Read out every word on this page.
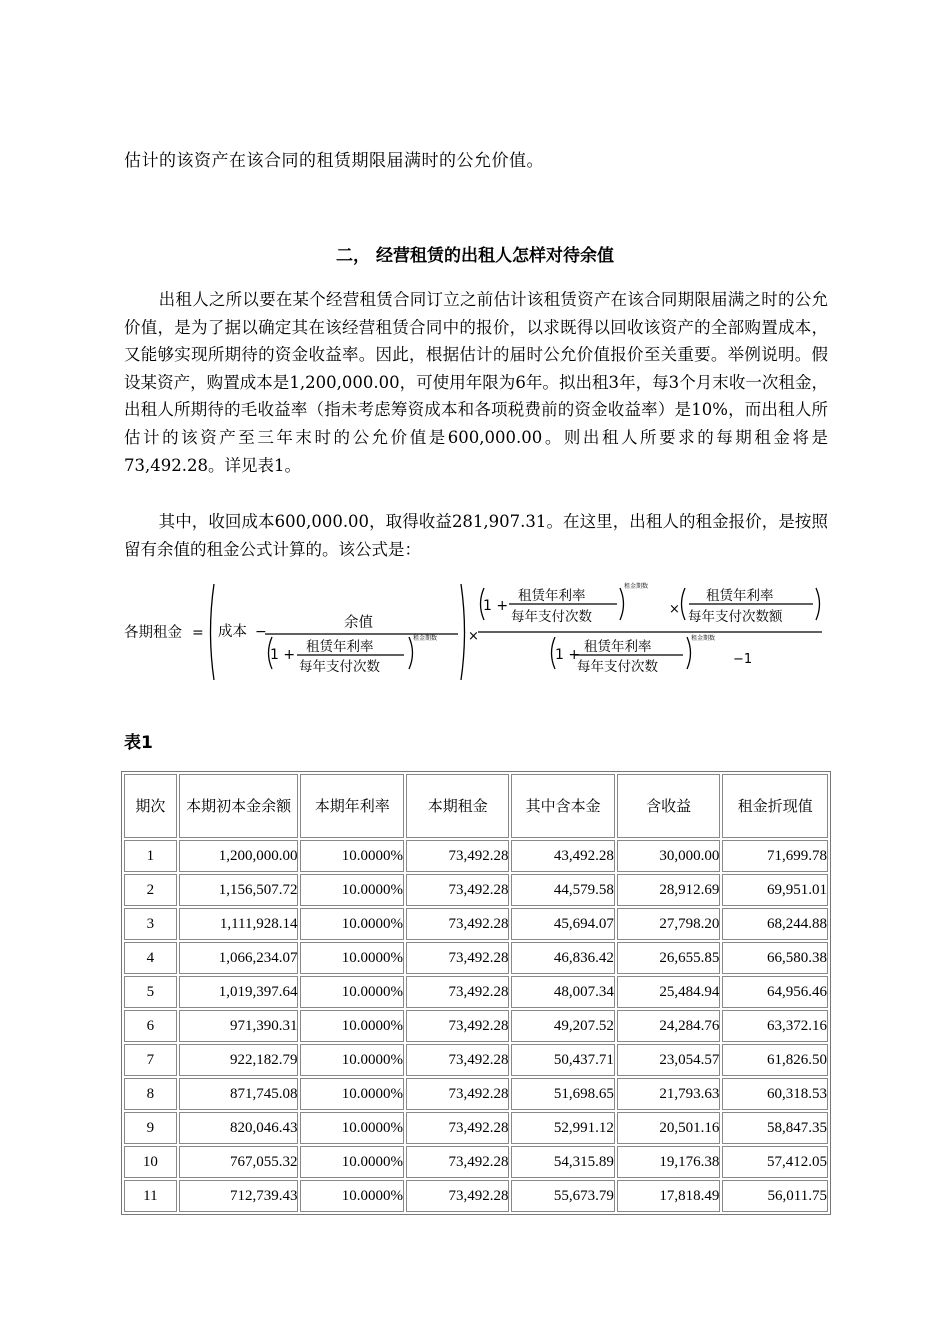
估计的该资产在该合同的租赁期限届满时的公允价值。
二， 经营租赁的出租人怎样对待余值
出租人之所以要在某个经营租赁合同订立之前估计该租赁资产在该合同期限届满之时的公允价值，是为了据以确定其在该经营租赁合同中的报价，以求既得以回收该资产的全部购置成本，又能够实现所期待的资金收益率。因此，根据估计的届时公允价值报价至关重要。举例说明。假设某资产，购置成本是1,200,000.00，可使用年限为6年。拟出租3年，每3个月末收一次租金，出租人所期待的毛收益率（指未考虑筹资成本和各项税费前的资金收益率）是10%，而出租人所估计的该资产至三年末时的公允价值是600,000.00。则出租人所要求的每期租金将是73,492.28。详见表1。
其中，收回成本600,000.00，取得收益281,907.31。在这里，出租人的租金报价，是按照留有余值的租金公式计算的。该公式是：
各期租金 = 成本 −
余值
1 + 租赁年利率
每年支付次数
租金期数 ×
1 +
租赁年利率
每年支付次数
租金期数
×
租赁年利率
每年支付次数额
1 + 租赁年利率
每年支付次数
租金期数
−1
表1
期次	本期初本金余额	本期年利率	本期租金	其中含本金	含收益	租金折现值
1	1,200,000.00	10.0000%	73,492.28	43,492.28	30,000.00	71,699.78
2	1,156,507.72	10.0000%	73,492.28	44,579.58	28,912.69	69,951.01
3	1,111,928.14	10.0000%	73,492.28	45,694.07	27,798.20	68,244.88
4	1,066,234.07	10.0000%	73,492.28	46,836.42	26,655.85	66,580.38
5	1,019,397.64	10.0000%	73,492.28	48,007.34	25,484.94	64,956.46
6	971,390.31	10.0000%	73,492.28	49,207.52	24,284.76	63,372.16
7	922,182.79	10.0000%	73,492.28	50,437.71	23,054.57	61,826.50
8	871,745.08	10.0000%	73,492.28	51,698.65	21,793.63	60,318.53
9	820,046.43	10.0000%	73,492.28	52,991.12	20,501.16	58,847.35
10	767,055.32	10.0000%	73,492.28	54,315.89	19,176.38	57,412.05
11	712,739.43	10.0000%	73,492.28	55,673.79	17,818.49	56,011.75
